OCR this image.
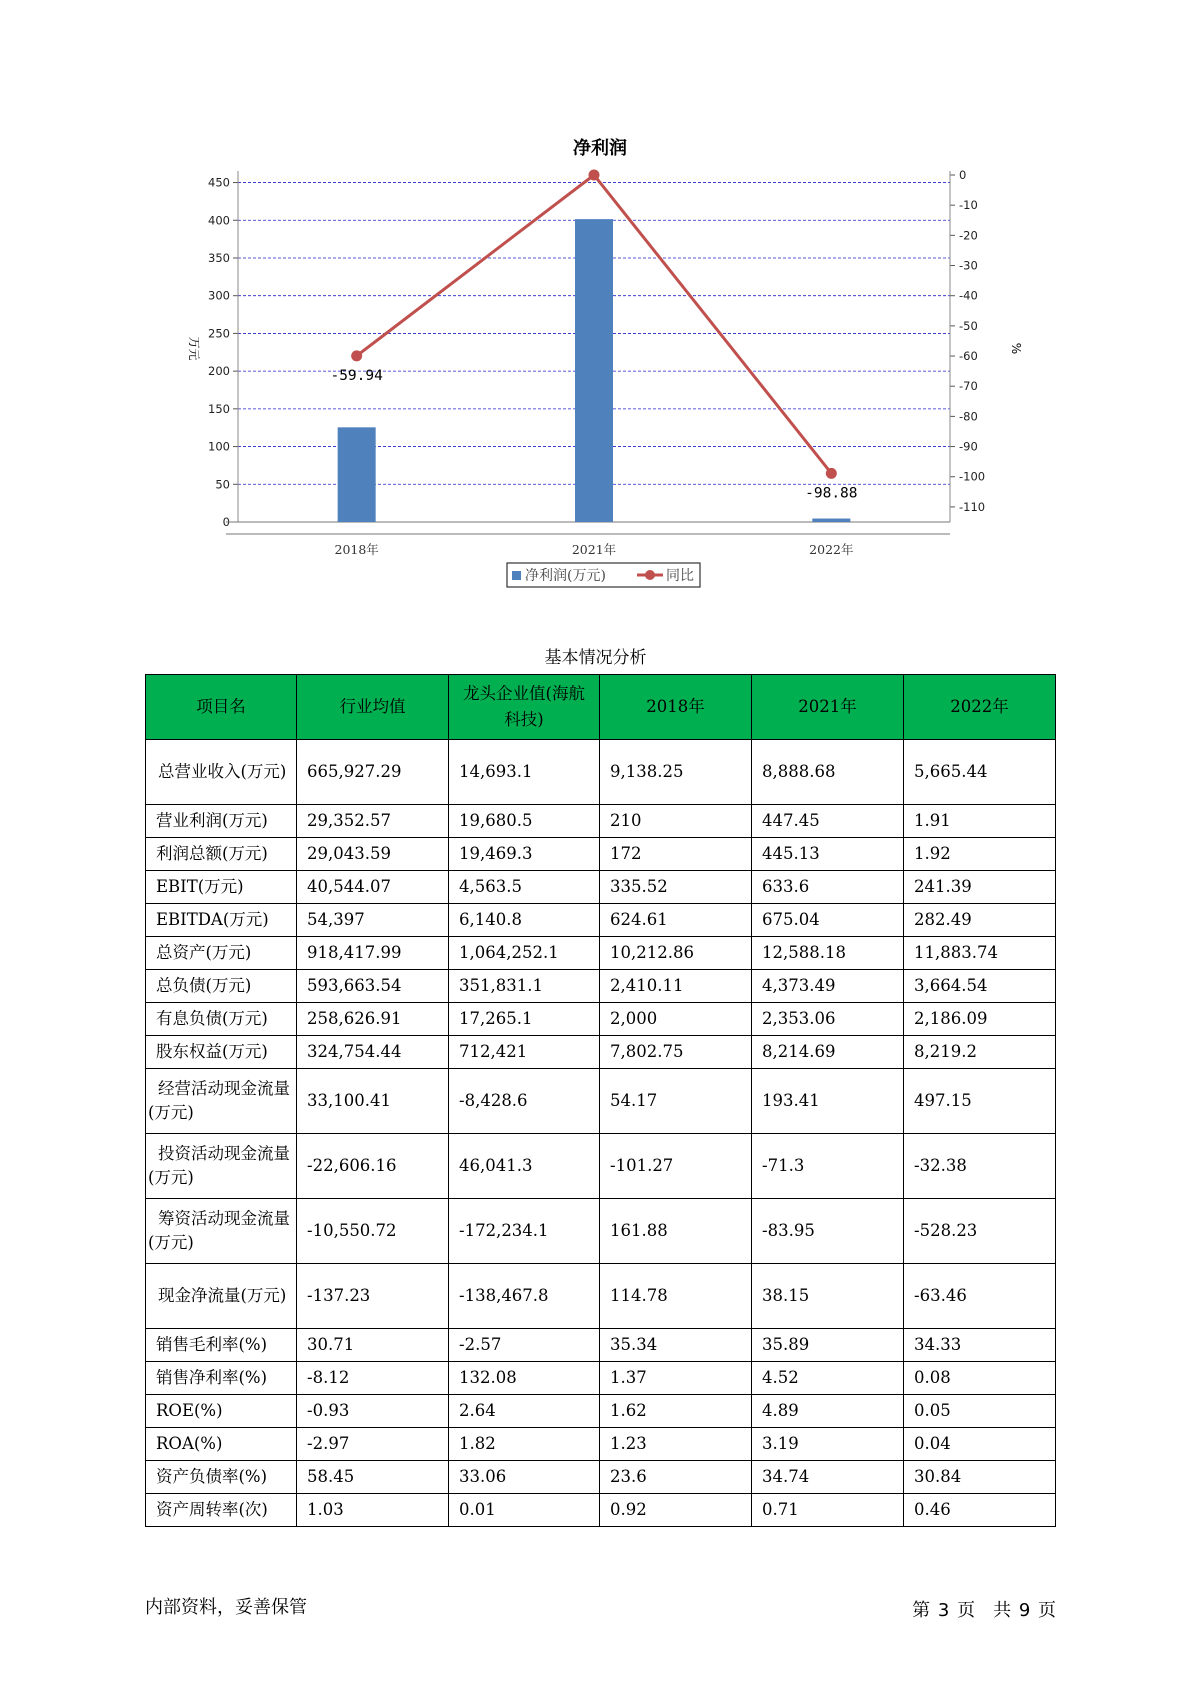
净利润
0
50
100
150
200
250
300
350
400
450
0
-10
-20
-30
-40
-50
-60
-70
-80
-90
-100
-110
万元	%
2018年	2021年	2022年
-59.94
-98.88
净利润(万元)	同比
基本情况分析
项目名	行业均值	龙头企业值(海航科技)	2018年	2021年	2022年
总营业收入(万元)	665,927.29	14,693.1	9,138.25	8,888.68	5,665.44
营业利润(万元)	29,352.57	19,680.5	210	447.45	1.91
利润总额(万元)	29,043.59	19,469.3	172	445.13	1.92
EBIT(万元)	40,544.07	4,563.5	335.52	633.6	241.39
EBITDA(万元)	54,397	6,140.8	624.61	675.04	282.49
总资产(万元)	918,417.99	1,064,252.1	10,212.86	12,588.18	11,883.74
总负债(万元)	593,663.54	351,831.1	2,410.11	4,373.49	3,664.54
有息负债(万元)	258,626.91	17,265.1	2,000	2,353.06	2,186.09
股东权益(万元)	324,754.44	712,421	7,802.75	8,214.69	8,219.2
经营活动现金流量(万元)	33,100.41	-8,428.6	54.17	193.41	497.15
投资活动现金流量(万元)	-22,606.16	46,041.3	-101.27	-71.3	-32.38
筹资活动现金流量(万元)	-10,550.72	-172,234.1	161.88	-83.95	-528.23
现金净流量(万元)	-137.23	-138,467.8	114.78	38.15	-63.46
销售毛利率(%)	30.71	-2.57	35.34	35.89	34.33
销售净利率(%)	-8.12	132.08	1.37	4.52	0.08
ROE(%)	-0.93	2.64	1.62	4.89	0.05
ROA(%)	-2.97	1.82	1.23	3.19	0.04
资产负债率(%)	58.45	33.06	23.6	34.74	30.84
资产周转率(次)	1.03	0.01	0.92	0.71	0.46
内部资料，妥善保管	第 3 页　共 9 页
